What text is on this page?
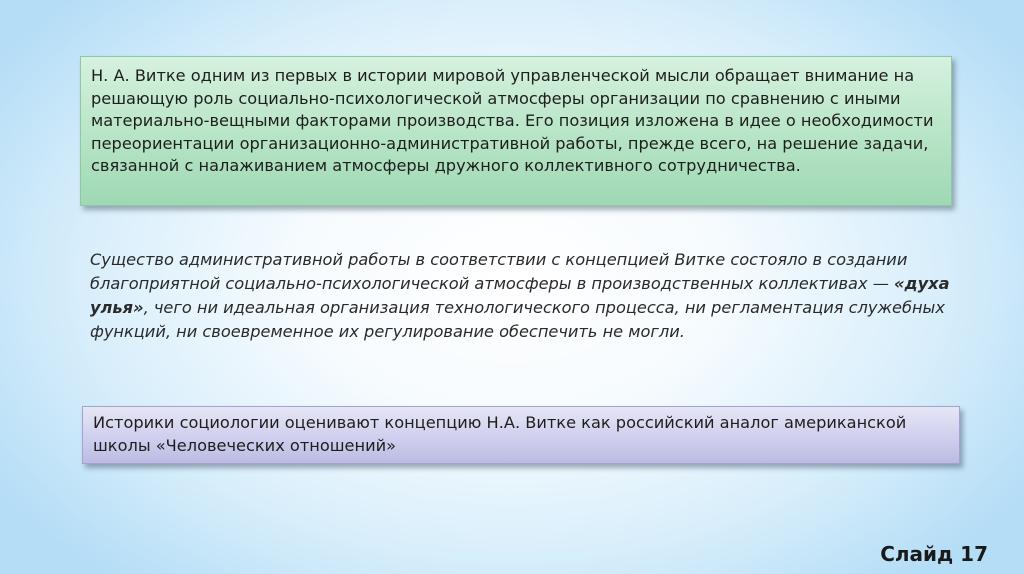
Н. А. Витке одним из первых в истории мировой управленческой мысли обращает внимание на решающую роль социально-психологической атмосферы организации по сравнению с иными материально-вещными факторами производства. Его позиция изложена в идее о необходимости переориентации организационно-административной работы, прежде всего, на решение задачи, связанной с налаживанием атмосферы дружного коллективного сотрудничества.
Существо административной работы в соответствии с концепцией Витке состояло в создании благоприятной социально-психологической атмосферы в производственных коллективах — «духа улья», чего ни идеальная организация технологического процесса, ни регламентация служебных функций, ни своевременное их регулирование обеспечить не могли.
Историки социологии оценивают концепцию Н.А. Витке как российский аналог американской школы «Человеческих отношений»
Слайд 17
